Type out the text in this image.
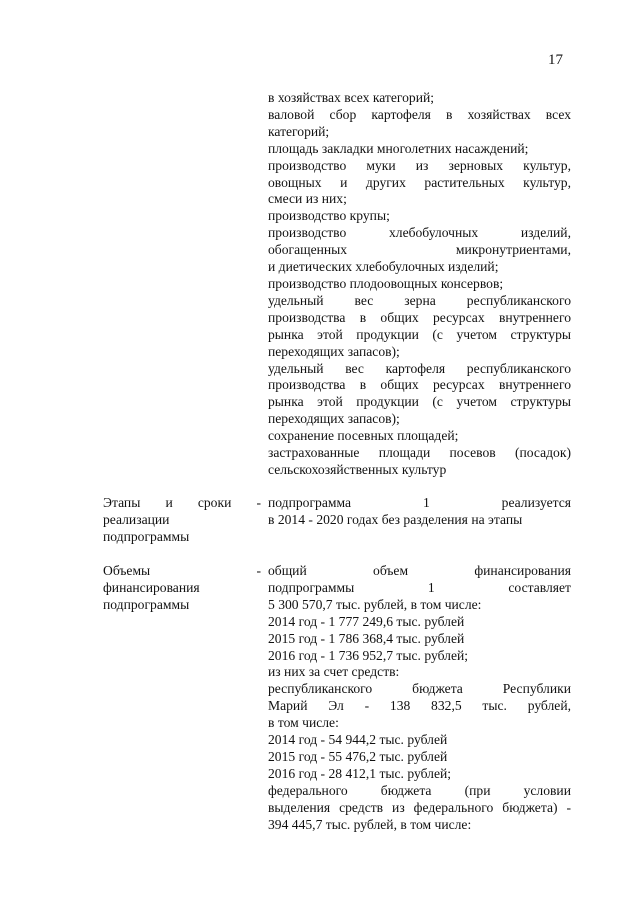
17
в хозяйствах всех категорий;
валовой сбор картофеля в хозяйствах всех
категорий;
площадь закладки многолетних насаждений;
производство муки из зерновых культур,
овощных и других растительных культур,
смеси из них;
производство крупы;
производство хлебобулочных изделий,
обогащенных микронутриентами,
и диетических хлебобулочных изделий;
производство плодоовощных консервов;
удельный вес зерна республиканского
производства в общих ресурсах внутреннего
рынка этой продукции (с учетом структуры
переходящих запасов);
удельный вес картофеля республиканского
производства в общих ресурсах внутреннего
рынка этой продукции (с учетом структуры
переходящих запасов);
сохранение посевных площадей;
застрахованные площади посевов (посадок)
сельскохозяйственных культур
Этапы и сроки -
реализации
подпрограммы
подпрограмма 1 реализуется
в 2014 - 2020 годах без разделения на этапы
Объемы	-
финансирования
подпрограммы
общий объем финансирования
подпрограммы 1 составляет
5 300 570,7 тыс. рублей, в том числе:
2014 год - 1 777 249,6 тыс. рублей
2015 год - 1 786 368,4 тыс. рублей
2016 год - 1 736 952,7 тыс. рублей;
из них за счет средств:
республиканского бюджета Республики
Марий Эл - 138 832,5 тыс. рублей,
в том числе:
2014 год - 54 944,2 тыс. рублей
2015 год - 55 476,2 тыс. рублей
2016 год - 28 412,1 тыс. рублей;
федерального бюджета (при условии
выделения средств из федерального бюджета) -
394 445,7 тыс. рублей, в том числе:
